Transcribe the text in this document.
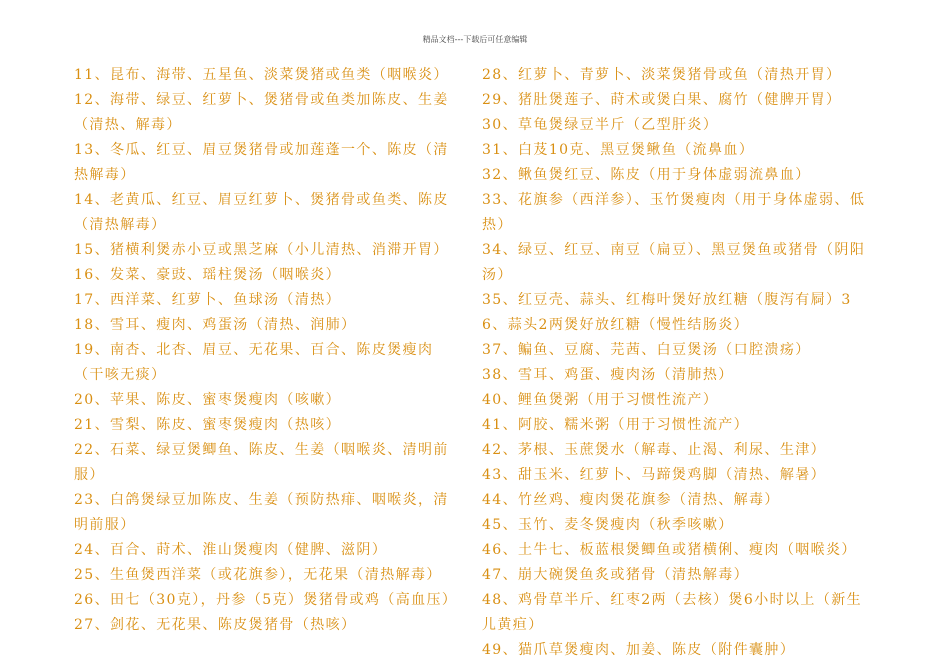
精品文档---下载后可任意编辑

11、昆布、海带、五星鱼、淡菜煲猪或鱼类（咽喉炎）

12、海带、绿豆、红萝卜、煲猪骨或鱼类加陈皮、生姜（清热、解毒）

13、冬瓜、红豆、眉豆煲猪骨或加莲蓬一个、陈皮（清热解毒）

14、老黄瓜、红豆、眉豆红萝卜、煲猪骨或鱼类、陈皮（清热解毒）

15、猪横利煲赤小豆或黑芝麻（小儿清热、消滞开胃）

16、发菜、豪豉、瑶柱煲汤（咽喉炎）

17、西洋菜、红萝卜、鱼球汤（清热）

18、雪耳、瘦肉、鸡蛋汤（清热、润肺）

19、南杏、北杏、眉豆、无花果、百合、陈皮煲瘦肉（干咳无痰）

20、苹果、陈皮、蜜枣煲瘦肉（咳嗽）

21、雪梨、陈皮、蜜枣煲瘦肉（热咳）

22、石菜、绿豆煲鲫鱼、陈皮、生姜（咽喉炎、清明前服）

23、白鸽煲绿豆加陈皮、生姜（预防热痱、咽喉炎，清明前服）

24、百合、莳术、淮山煲瘦肉（健脾、滋阴）

25、生鱼煲西洋菜（或花旗参），无花果（清热解毒）

26、田七（30克），丹参（5克）煲猪骨或鸡（高血压）

27、剑花、无花果、陈皮煲猪骨（热咳）

28、红萝卜、青萝卜、淡菜煲猪骨或鱼（清热开胃）

29、猪肚煲莲子、莳术或煲白果、腐竹（健脾开胃）

30、草龟煲绿豆半斤（乙型肝炎）

31、白芨10克、黑豆煲鳅鱼（流鼻血）

32、鳅鱼煲红豆、陈皮（用于身体虚弱流鼻血）

33、花旗参（西洋参）、玉竹煲瘦肉（用于身体虚弱、低热）

34、绿豆、红豆、南豆（扁豆）、黑豆煲鱼或猪骨（阴阳汤）

35、红豆壳、蒜头、红梅叶煲好放红糖（腹泻有屙）36、蒜头2两煲好放红糖（慢性结肠炎）

37、鳊鱼、豆腐、芫茜、白豆煲汤（口腔溃疡）

38、雪耳、鸡蛋、瘦肉汤（清肺热）

40、鲤鱼煲粥（用于习惯性流产）

41、阿胶、糯米粥（用于习惯性流产）

42、茅根、玉蔗煲水（解毒、止渴、利尿、生津）

43、甜玉米、红萝卜、马蹄煲鸡脚（清热、解暑）

44、竹丝鸡、瘦肉煲花旗参（清热、解毒）

45、玉竹、麦冬煲瘦肉（秋季咳嗽）

46、土牛七、板蓝根煲鲫鱼或猪横俐、瘦肉（咽喉炎）

47、崩大碗煲鱼炙或猪骨（清热解毒）

48、鸡骨草半斤、红枣2两（去核）煲6小时以上（新生儿黄疸）

49、猫爪草煲瘦肉、加姜、陈皮（附件囊肿）
